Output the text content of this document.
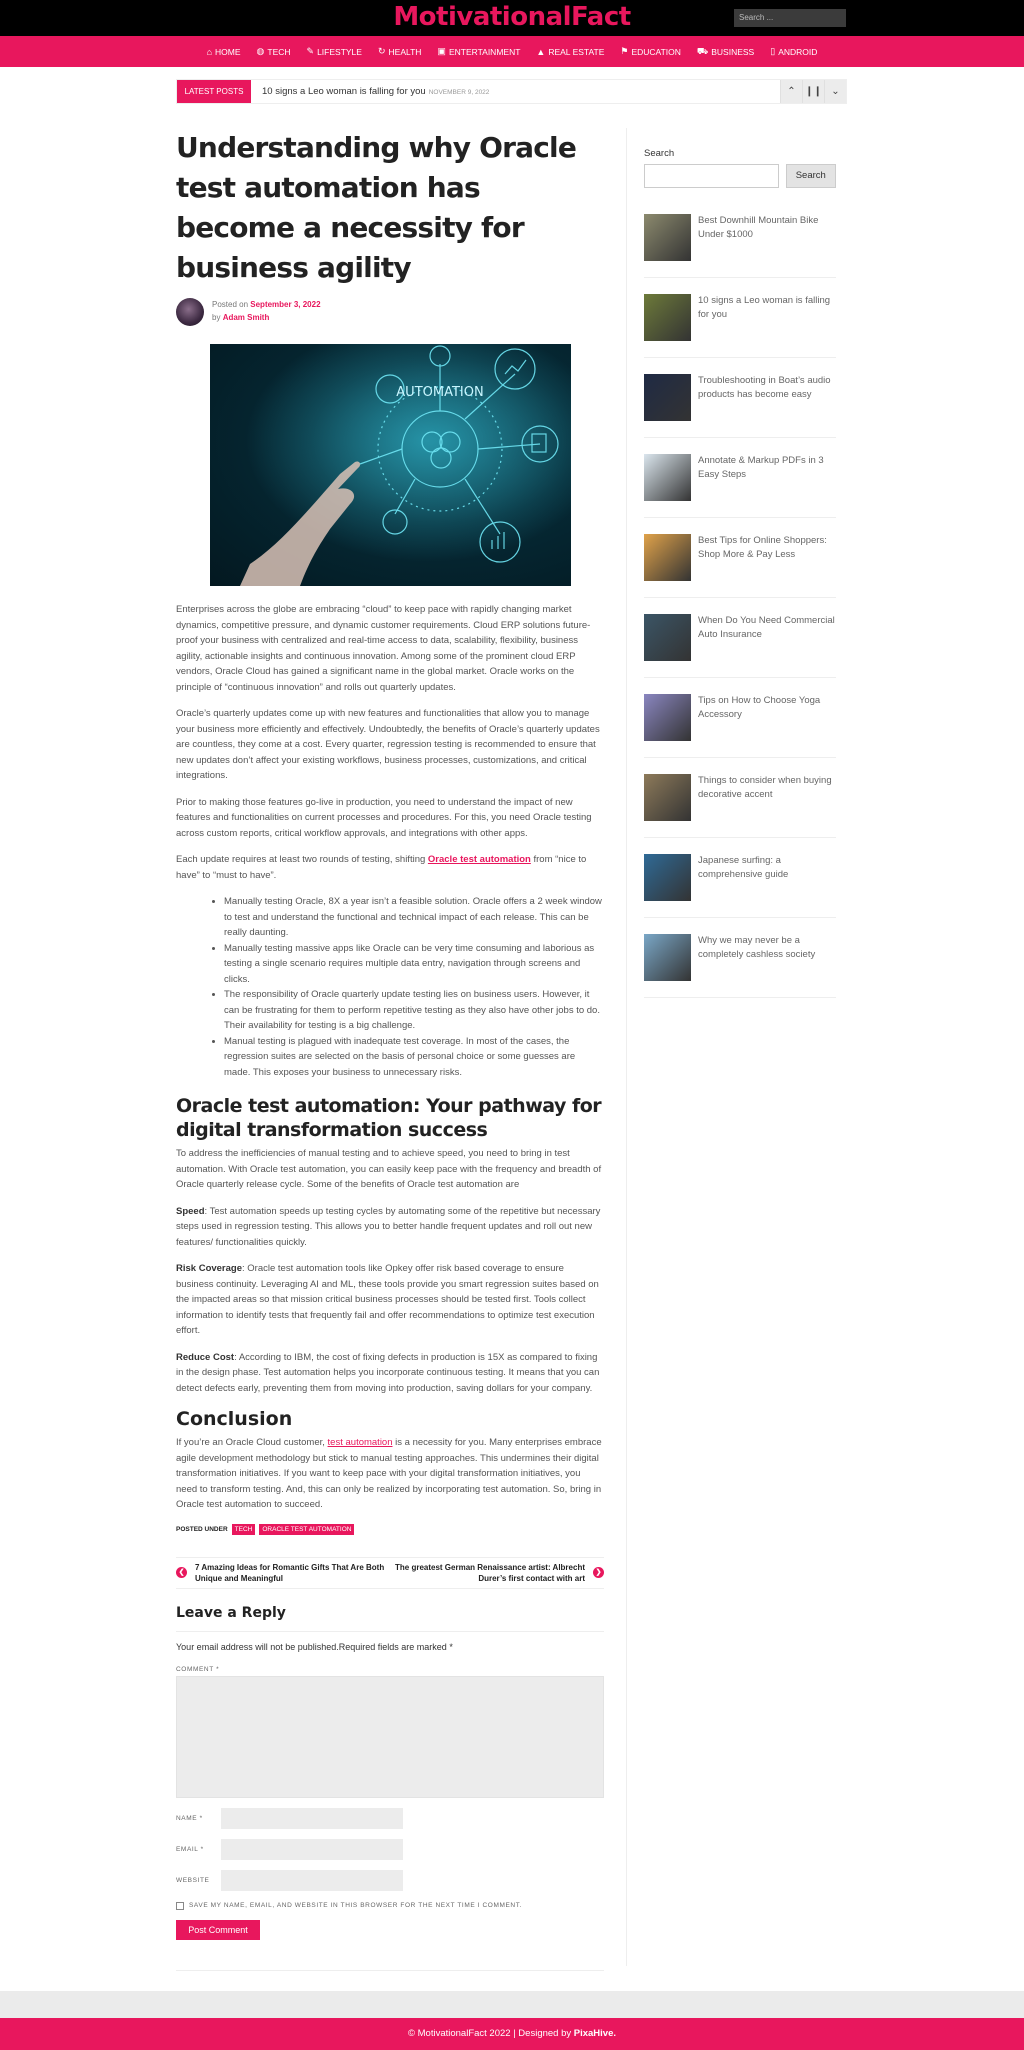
MotivationalFact	Search ...
⌂ HOME ◍ TECH ✎ LIFESTYLE ↻ HEALTH ▣ ENTERTAINMENT ▲ REAL ESTATE ⚑ EDUCATION ⛟ BUSINESS ▯ ANDROID
LATEST POSTS	10 signs a Leo woman is falling for you NOVEMBER 9, 2022	⌃ ❙❙ ⌄
Understanding why Oracle test automation has become a necessity for business agility
Posted on September 3, 2022
by Adam Smith
AUTOMATION

Enterprises across the globe are embracing “cloud” to keep pace with rapidly changing market dynamics, competitive pressure, and dynamic customer requirements. Cloud ERP solutions future-proof your business with centralized and real-time access to data, scalability, flexibility, business agility, actionable insights and continuous innovation. Among some of the prominent cloud ERP vendors, Oracle Cloud has gained a significant name in the global market. Oracle works on the principle of “continuous innovation” and rolls out quarterly updates.

Oracle’s quarterly updates come up with new features and functionalities that allow you to manage your business more efficiently and effectively. Undoubtedly, the benefits of Oracle’s quarterly updates are countless, they come at a cost. Every quarter, regression testing is recommended to ensure that new updates don’t affect your existing workflows, business processes, customizations, and critical integrations.

Prior to making those features go-live in production, you need to understand the impact of new features and functionalities on current processes and procedures. For this, you need Oracle testing across custom reports, critical workflow approvals, and integrations with other apps.

Each update requires at least two rounds of testing, shifting Oracle test automation from “nice to have” to “must to have”.

• Manually testing Oracle, 8X a year isn’t a feasible solution. Oracle offers a 2 week window to test and understand the functional and technical impact of each release. This can be really daunting.
• Manually testing massive apps like Oracle can be very time consuming and laborious as testing a single scenario requires multiple data entry, navigation through screens and clicks.
• The responsibility of Oracle quarterly update testing lies on business users. However, it can be frustrating for them to perform repetitive testing as they also have other jobs to do. Their availability for testing is a big challenge.
• Manual testing is plagued with inadequate test coverage. In most of the cases, the regression suites are selected on the basis of personal choice or some guesses are made. This exposes your business to unnecessary risks.
Oracle test automation: Your pathway for digital transformation success

To address the inefficiencies of manual testing and to achieve speed, you need to bring in test automation. With Oracle test automation, you can easily keep pace with the frequency and breadth of Oracle quarterly release cycle. Some of the benefits of Oracle test automation are

Speed: Test automation speeds up testing cycles by automating some of the repetitive but necessary steps used in regression testing. This allows you to better handle frequent updates and roll out new features/ functionalities quickly.

Risk Coverage: Oracle test automation tools like Opkey offer risk based coverage to ensure business continuity. Leveraging AI and ML, these tools provide you smart regression suites based on the impacted areas so that mission critical business processes should be tested first. Tools collect information to identify tests that frequently fail and offer recommendations to optimize test execution effort.

Reduce Cost: According to IBM, the cost of fixing defects in production is 15X as compared to fixing in the design phase. Test automation helps you incorporate continuous testing. It means that you can detect defects early, preventing them from moving into production, saving dollars for your company.

Conclusion

If you’re an Oracle Cloud customer, test automation is a necessity for you. Many enterprises embrace agile development methodology but stick to manual testing approaches. This undermines their digital transformation initiatives. If you want to keep pace with your digital transformation initiatives, you need to transform testing. And, this can only be realized by incorporating test automation. So, bring in Oracle test automation to succeed.

POSTED UNDER	TECH	ORACLE TEST AUTOMATION
❮
7 Amazing Ideas for Romantic Gifts That Are Both Unique and Meaningful
The greatest German Renaissance artist: Albrecht Durer’s first contact with art
❯
Leave a Reply
Your email address will not be published.Required fields are marked *
COMMENT *
NAME *
EMAIL *
WEBSITE
SAVE MY NAME, EMAIL, AND WEBSITE IN THIS BROWSER FOR THE NEXT TIME I COMMENT.
Post Comment
Search
Search
Best Downhill Mountain Bike Under $1000
10 signs a Leo woman is falling for you
Troubleshooting in Boat’s audio products has become easy
Annotate & Markup PDFs in 3 Easy Steps
Best Tips for Online Shoppers: Shop More & Pay Less
When Do You Need Commercial Auto Insurance
Tips on How to Choose Yoga Accessory
Things to consider when buying decorative accent
Japanese surfing: a comprehensive guide
Why we may never be a completely cashless society
© MotivationalFact 2022 | Designed by PixaHive.
